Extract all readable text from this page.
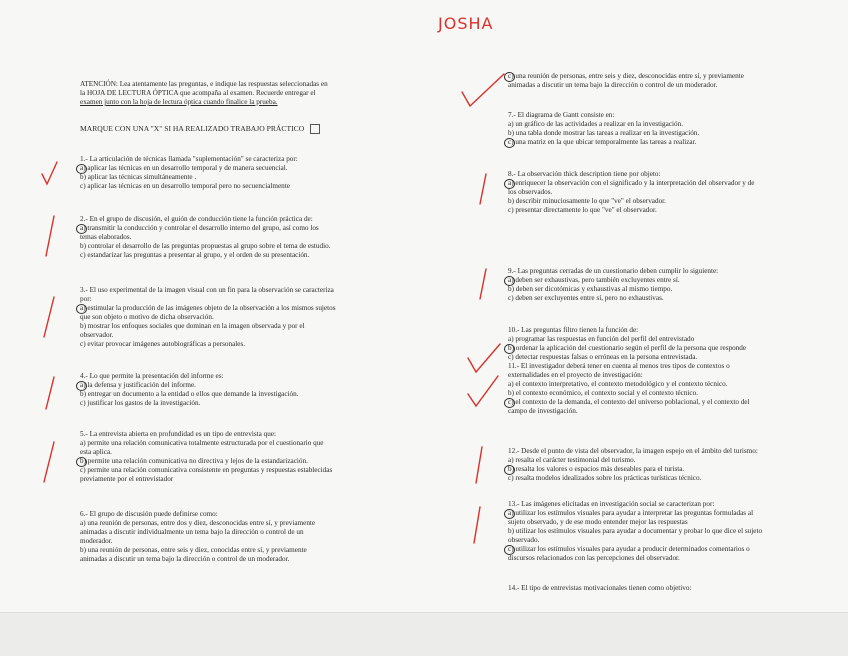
JOSHA
ATENCIÓN: Lea atentamente las preguntas, e indique las respuestas seleccionadas en
la HOJA DE LECTURA ÓPTICA que acompaña al examen. Recuerde entregar el
examen junto con la hoja de lectura óptica cuando finalice la prueba.
MARQUE CON UNA "X" SI HA REALIZADO TRABAJO PRÁCTICO
1.- La articulación de técnicas llamada "suplementación" se caracteriza por:
a) aplicar las técnicas en un desarrollo temporal y de manera secuencial.
b) aplicar las técnicas simultáneamente .
c) aplicar las técnicas en un desarrollo temporal pero no secuencialmente
2.- En el grupo de discusión, el guión de conducción tiene la función práctica de:
a) transmitir la conducción y controlar el desarrollo interno del grupo, así como los
temas elaborados.
b) controlar el desarrollo de las preguntas propuestas al grupo sobre el tema de estudio.
c) estandarizar las preguntas a presentar al grupo, y el orden de su presentación.
3.- El uso experimental de la imagen visual con un fin para la observación se caracteriza
por:
a) estimular la producción de las imágenes objeto de la observación a los mismos sujetos
que son objeto o motivo de dicha observación.
b) mostrar los enfoques sociales que dominan en la imagen observada y por el
observador.
c) evitar provocar imágenes autobiográficas a personales.
4.- Lo que permite la presentación del informe es:
a) la defensa y justificación del informe.
b) entregar un documento a la entidad o ellos que demande la investigación.
c) justificar los gastos de la investigación.
5.- La entrevista abierta en profundidad es un tipo de entrevista que:
a) permite una relación comunicativa totalmente estructurada por el cuestionario que
esta aplica.
b) permite una relación comunicativa no directiva y lejos de la estandarización.
c) permite una relación comunicativa consistente en preguntas y respuestas establecidas
previamente por el entrevistador
6.- El grupo de discusión puede definirse como:
a) una reunión de personas, entre dos y diez, desconocidas entre sí, y previamente
animadas a discutir individualmente un tema bajo la dirección o control de un
moderador.
b) una reunión de personas, entre seis y diez, conocidas entre sí, y previamente
animadas a discutir un tema bajo la dirección o control de un moderador.
c) una reunión de personas, entre seis y diez, desconocidas entre sí, y previamente
animadas a discutir un tema bajo la dirección o control de un moderador.
7.- El diagrama de Gantt consiste en:
a) un gráfico de las actividades a realizar en la investigación.
b) una tabla donde mostrar las tareas a realizar en la investigación.
c) una matriz en la que ubicar temporalmente las tareas a realizar.
8.- La observación thick description tiene por objeto:
a) enriquecer la observación con el significado y la interpretación del observador y de
los observados.
b) describir minuciosamente lo que "ve" el observador.
c) presentar directamente lo que "ve" el observador.
9.- Las preguntas cerradas de un cuestionario deben cumplir lo siguiente:
a) deben ser exhaustivas, pero también excluyentes entre sí.
b) deben ser dicotómicas y exhaustivas al mismo tiempo.
c) deben ser excluyentes entre sí, pero no exhaustivas.
10.- Las preguntas filtro tienen la función de:
a) programar las respuestas en función del perfil del entrevistado
b) ordenar la aplicación del cuestionario según el perfil de la persona que responde
c) detectar respuestas falsas o erróneas en la persona entrevistada.
11.- El investigador deberá tener en cuenta al menos tres tipos de contextos o
externalidades en el proyecto de investigación:
a) el contexto interpretativo, el contexto metodológico y el contexto técnico.
b) el contexto económico, el contexto social y el contexto técnico.
c) el contexto de la demanda, el contexto del universo poblacional, y el contexto del
campo de investigación.
12.- Desde el punto de vista del observador, la imagen espejo en el ámbito del turismo:
a) resalta el carácter testimonial del turismo.
b) resalta los valores o espacios más deseables para el turista.
c) resalta modelos idealizados sobre los prácticas turísticas técnico.
13.- Las imágenes elicitadas en investigación social se caracterizan por:
a) utilizar los estímulos visuales para ayudar a interpretar las preguntas formuladas al
sujeto observado, y de ese modo entender mejor las respuestas
b) utilizar los estímulos visuales para ayudar a documentar y probar lo que dice el sujeto
observado.
c) utilizar los estímulos visuales para ayudar a producir determinados comentarios o
discursos relacionados con las percepciones del observador.
14.- El tipo de entrevistas motivacionales tienen como objetivo:
